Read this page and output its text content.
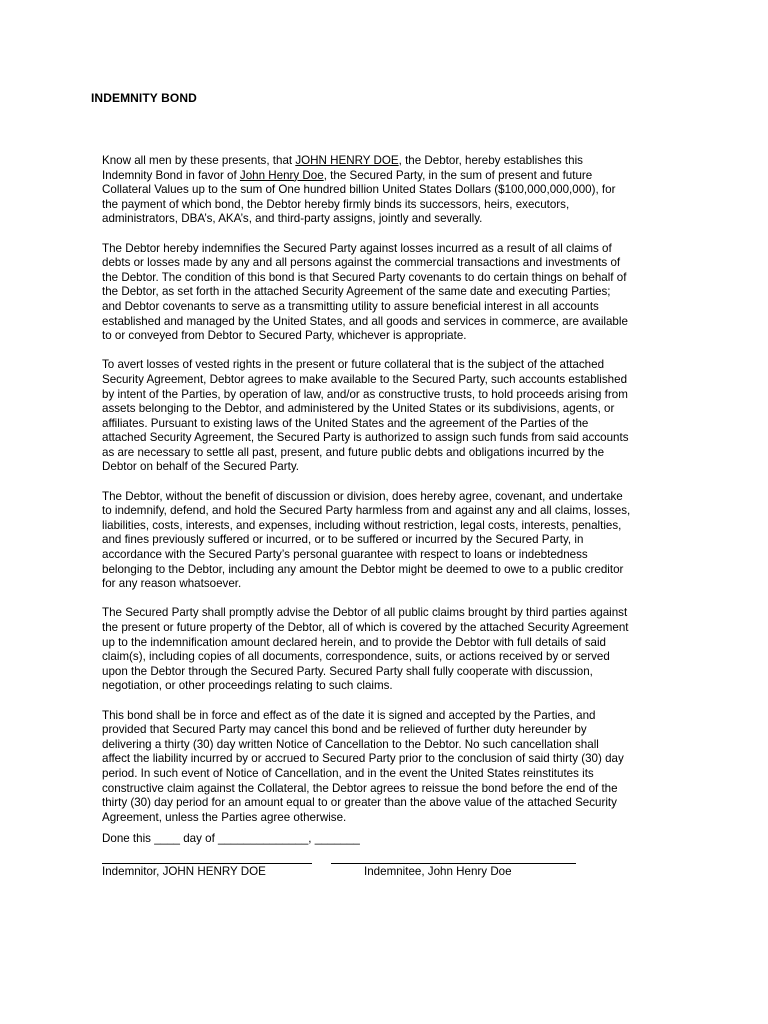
INDEMNITY BOND
Know all men by these presents, that JOHN HENRY DOE, the Debtor, hereby establishes this
Indemnity Bond in favor of John Henry Doe, the Secured Party, in the sum of present and future
Collateral Values up to the sum of One hundred billion United States Dollars ($100,000,000,000), for
the payment of which bond, the Debtor hereby firmly binds its successors, heirs, executors,
administrators, DBA’s, AKA’s, and third-party assigns, jointly and severally.
The Debtor hereby indemnifies the Secured Party against losses incurred as a result of all claims of
debts or losses made by any and all persons against the commercial transactions and investments of
the Debtor. The condition of this bond is that Secured Party covenants to do certain things on behalf of
the Debtor, as set forth in the attached Security Agreement of the same date and executing Parties;
and Debtor covenants to serve as a transmitting utility to assure beneficial interest in all accounts
established and managed by the United States, and all goods and services in commerce, are available
to or conveyed from Debtor to Secured Party, whichever is appropriate.
To avert losses of vested rights in the present or future collateral that is the subject of the attached
Security Agreement, Debtor agrees to make available to the Secured Party, such accounts established
by intent of the Parties, by operation of law, and/or as constructive trusts, to hold proceeds arising from
assets belonging to the Debtor, and administered by the United States or its subdivisions, agents, or
affiliates. Pursuant to existing laws of the United States and the agreement of the Parties of the
attached Security Agreement, the Secured Party is authorized to assign such funds from said accounts
as are necessary to settle all past, present, and future public debts and obligations incurred by the
Debtor on behalf of the Secured Party.
The Debtor, without the benefit of discussion or division, does hereby agree, covenant, and undertake
to indemnify, defend, and hold the Secured Party harmless from and against any and all claims, losses,
liabilities, costs, interests, and expenses, including without restriction, legal costs, interests, penalties,
and fines previously suffered or incurred, or to be suffered or incurred by the Secured Party, in
accordance with the Secured Party’s personal guarantee with respect to loans or indebtedness
belonging to the Debtor, including any amount the Debtor might be deemed to owe to a public creditor
for any reason whatsoever.
The Secured Party shall promptly advise the Debtor of all public claims brought by third parties against
the present or future property of the Debtor, all of which is covered by the attached Security Agreement
up to the indemnification amount declared herein, and to provide the Debtor with full details of said
claim(s), including copies of all documents, correspondence, suits, or actions received by or served
upon the Debtor through the Secured Party. Secured Party shall fully cooperate with discussion,
negotiation, or other proceedings relating to such claims.
This bond shall be in force and effect as of the date it is signed and accepted by the Parties, and
provided that Secured Party may cancel this bond and be relieved of further duty hereunder by
delivering a thirty (30) day written Notice of Cancellation to the Debtor. No such cancellation shall
affect the liability incurred by or accrued to Secured Party prior to the conclusion of said thirty (30) day
period. In such event of Notice of Cancellation, and in the event the United States reinstitutes its
constructive claim against the Collateral, the Debtor agrees to reissue the bond before the end of the
thirty (30) day period for an amount equal to or greater than the above value of the attached Security
Agreement, unless the Parties agree otherwise.
Done this ____ day of ______________, _______
Indemnitor, JOHN HENRY DOE	Indemnitee, John Henry Doe
